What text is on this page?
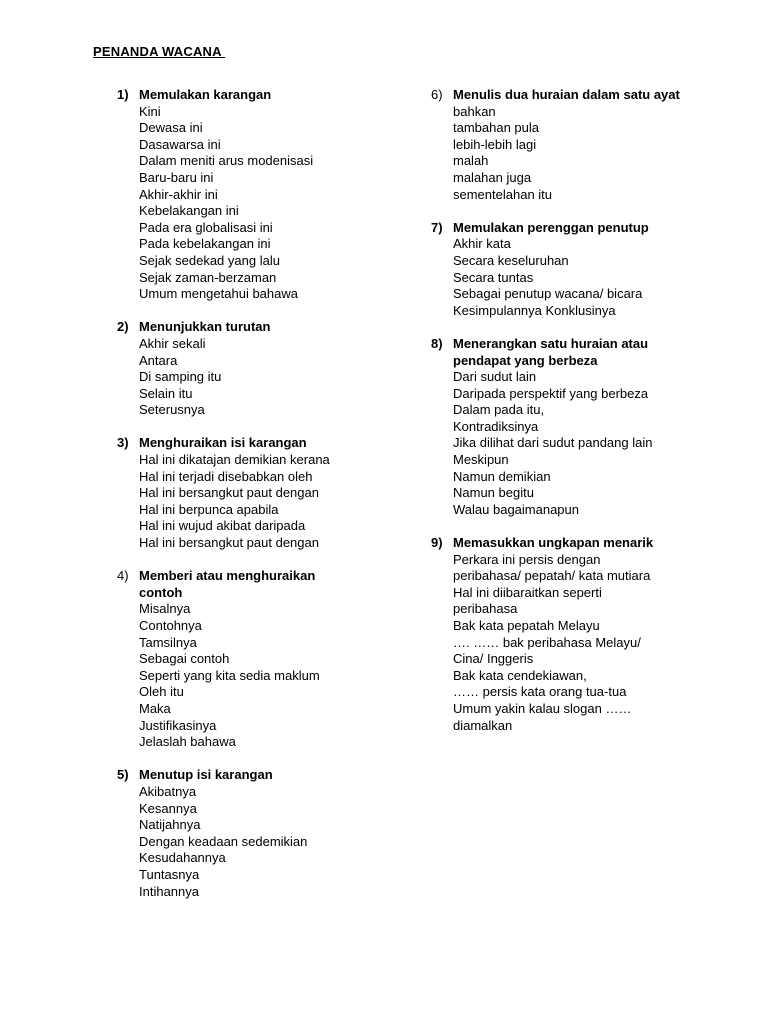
PENANDA WACANA
1) Memulakan karangan
Kini
Dewasa ini
Dasawarsa ini
Dalam meniti arus modenisasi
Baru-baru ini
Akhir-akhir ini
Kebelakangan ini
Pada era globalisasi ini
Pada kebelakangan ini
Sejak sedekad yang lalu
Sejak zaman-berzaman
Umum mengetahui bahawa
2) Menunjukkan turutan
Akhir sekali
Antara
Di samping itu
Selain itu
Seterusnya
3) Menghuraikan isi karangan
Hal ini dikatajan demikian kerana
Hal ini terjadi disebabkan oleh
Hal ini bersangkut paut dengan
Hal ini berpunca apabila
Hal ini wujud akibat daripada
Hal ini bersangkut paut dengan
4) Memberi atau menghuraikan contoh
Misalnya
Contohnya
Tamsilnya
Sebagai contoh
Seperti yang kita sedia maklum
Oleh itu
Maka
Justifikasinya
Jelaslah bahawa
5) Menutup isi karangan
Akibatnya
Kesannya
Natijahnya
Dengan keadaan sedemikian
Kesudahannya
Tuntasnya
Intihannya
6) Menulis dua huraian dalam satu ayat
bahkan
tambahan pula
lebih-lebih lagi
malah
malahan juga
sementelahan itu
7) Memulakan perenggan penutup
Akhir kata
Secara keseluruhan
Secara tuntas
Sebagai penutup wacana/ bicara
Kesimpulannya Konklusinya
8) Menerangkan satu huraian atau pendapat yang berbeza
Dari sudut lain
Daripada perspektif yang berbeza
Dalam pada itu,
Kontradiksinya
Jika dilihat dari sudut pandang lain
Meskipun
Namun demikian
Namun begitu
Walau bagaimanapun
9) Memasukkan ungkapan menarik
Perkara ini persis dengan
peribahasa/ pepatah/ kata mutiara
Hal ini diibaraitkan seperti
peribahasa
Bak kata pepatah Melayu
…. …… bak peribahasa Melayu/
Cina/ Inggeris
Bak kata cendekiawan,
…… persis kata orang tua-tua
Umum yakin kalau slogan ……
diamalkan
